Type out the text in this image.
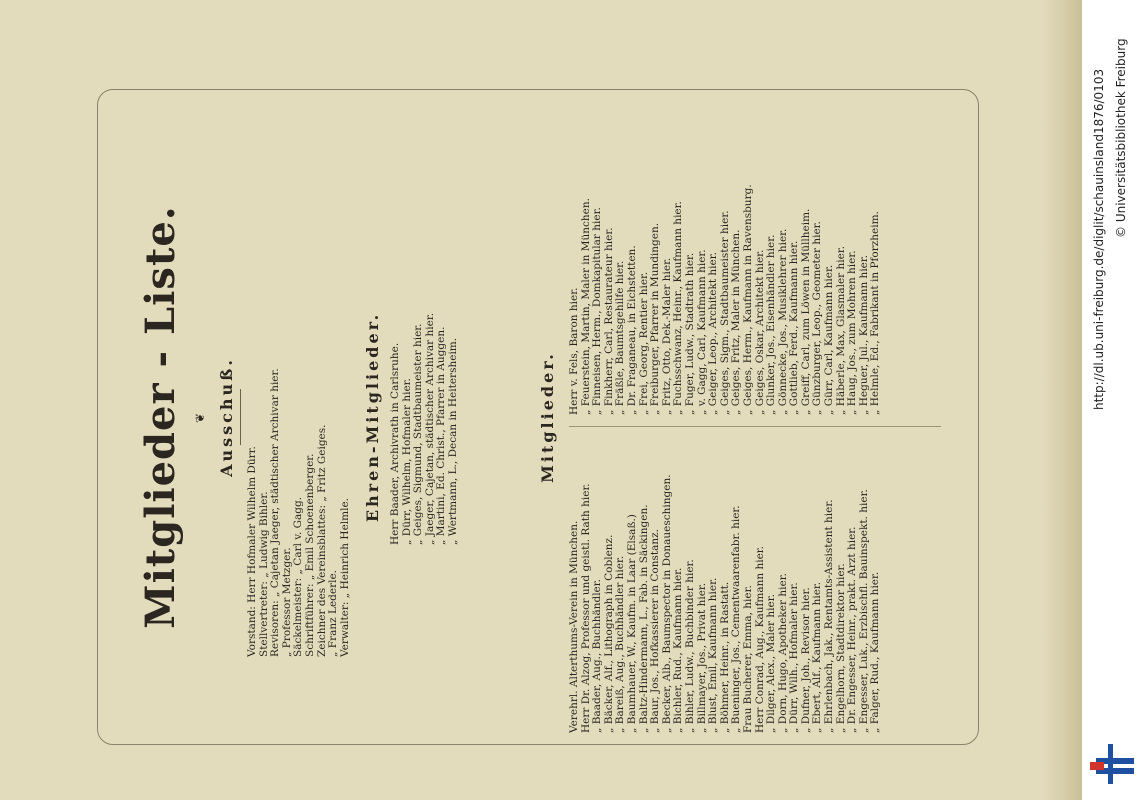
Mitglieder - Liste. ❦ Ausschuß.
Vorstand: Herr Hofmaler Wilhelm Dürr. Stellvertreter: „ Ludwig Bihler. Revisoren: „ Cajetan Jaeger, städtischer Archivar hier. „ Professor Metzger. Säckelmeister: „ Carl v. Gagg. Schriftführer: „ Emil Schoenenberger. Zeichner des Vereinsblattes: „ Fritz Geiges. „ Franz Lederle. Verwalter: „ Heinrich Helmle.
Ehren-Mitglieder. Herr Baader, Archivrath in Carlsruhe. „ Dürr, Wilhelm, Hofmaler hier. „ Geiges, Sigmund, Stadtbaumeister hier. „ Jaeger, Cajetan, städtischer Archivar hier. „ Martini, Ed. Christ., Pfarrer in Auggen. „ Wertmann, L., Decan in Heitersheim.	Mitglieder.
Verehrl. Alterthums-Verein in München. Herr Dr. Alzog, Professor und geistl. Rath hier. „ Baader, Aug., Buchhändler. „ Bäcker, Alf., Lithograph in Coblenz. „ Bareiß, Aug., Buchhändler hier. „ Baumhauer, W., Kaufm. in Laar (Elsaß.) „ Baltz-Hindermann, L., Fab. in Säckingen. „ Baur, Jos., Hofkassierer in Constanz. „ Becker, Alb., Baumspector in Donaueschingen. „ Bichler, Rud., Kaufmann hier. „ Bihler, Ludw., Buchbinder hier. „ Billmayer, Jos., Privat hier. „ Blust, Emil, Kaufmann hier. „ Böhmer, Heinr., in Rastatt. „ Bueninger, Jos., Cementwaarenfabr. hier. Frau Bucherer, Emma, hier. Herr Conrad, Aug., Kaufmann hier. „ Dilger, Alex., Maler hier. „ Dorn, Hugo, Apotheker hier. „ Dürr, Wilh., Hofmaler hier. „ Dufner, Joh., Revisor hier. „ Ebert, Alf., Kaufmann hier. „ Ehrlenbach, Jak., Rentamts-Assistent hier. „ Engelhorn, Stadtdirektor hier. „ Dr. Engesser, Heinr., prakt. Arzt hier. „ Engesser, Luk., Erzbischfl. Bauinspekt. hier. „ Falger, Rud., Kaufmann hier.
Herr v. Fels, Baron hier. „ Feuerstein, Martin, Maler in München. „ Finneisen, Herm., Domkapitular hier. „ Finkherr, Carl, Restaurateur hier. „ Fräßle, Baumtsgehilfe hier. „ Dr. Fraganeau, in Eichstetten. „ Frei, Georg, Rentier hier. „ Freiburger, Pfarrer in Mundingen. „ Fritz, Otto, Dek.-Maler hier. „ Fuchsschwanz, Heinr., Kaufmann hier. „ Fuger, Ludw., Stadtrath hier. „ v. Gagg, Carl, Kaufmann hier. „ Geiger, Leop., Architekt hier. „ Geiges, Sigm., Stadtbaumeister hier. „ Geiges, Fritz, Maler in München. „ Geiges, Herm., Kaufmann in Ravensburg. „ Geiges, Oskar, Architekt hier. „ Glunker, Jos., Eisenhändler hier. „ Gönnecke, Jos., Musiklehrer hier. „ Gottlieb, Ferd., Kaufmann hier. „ Greiff, Carl, zum Löwen in Müllheim. „ Günzburger, Leop., Geometer hier. „ Gürr, Carl, Kaufmann hier. „ Häberle, Max, Glasmaler hier. „ Haug, Jos., zum Mohren hier. „ Heguer, Jul., Kaufmann hier. „ Helmle, Ed., Fabrikant in Pforzheim.	http://dl.ub.uni-freiburg.de/diglit/schauinsland1876/0103 © Universitätsbibliothek Freiburg
